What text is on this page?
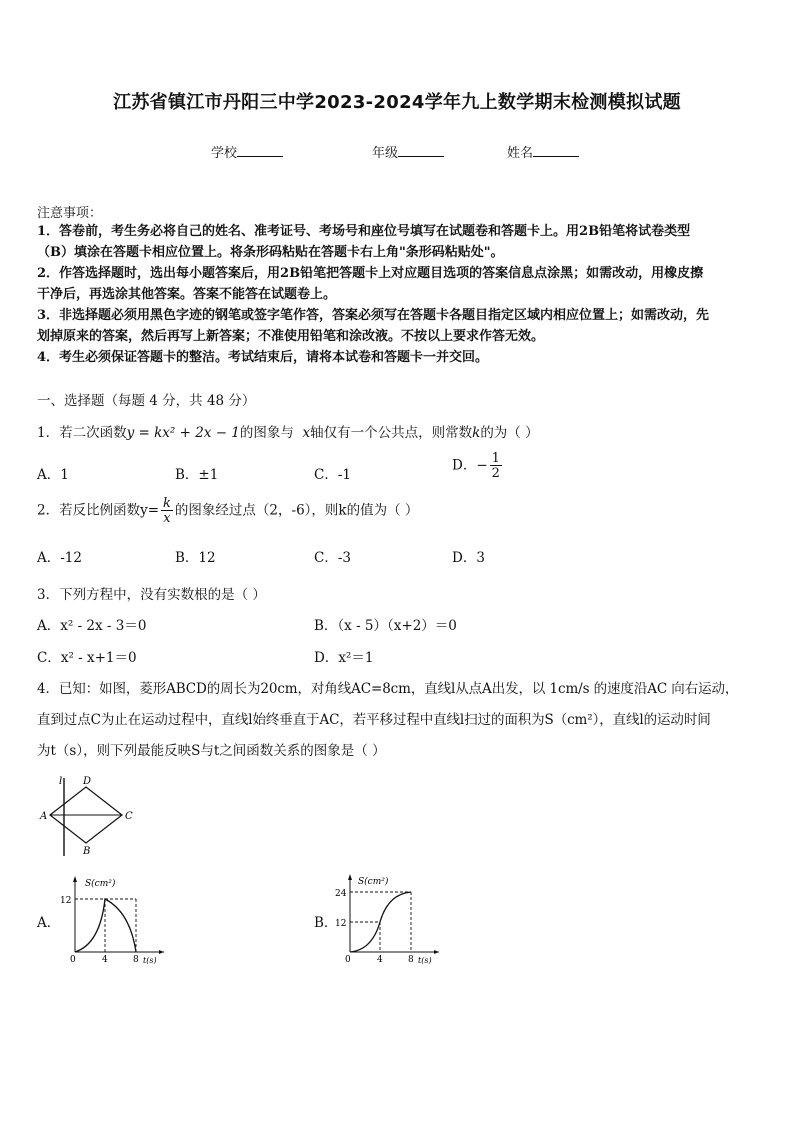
江苏省镇江市丹阳三中学2023-2024学年九上数学期末检测模拟试题
学校	年级	姓名
注意事项：
1．答卷前，考生务必将自己的姓名、准考证号、考场号和座位号填写在试题卷和答题卡上。用2B铅笔将试卷类型
（B）填涂在答题卡相应位置上。将条形码粘贴在答题卡右上角"条形码粘贴处"。
2．作答选择题时，选出每小题答案后，用2B铅笔把答题卡上对应题目选项的答案信息点涂黑；如需改动，用橡皮擦
干净后，再选涂其他答案。答案不能答在试题卷上。
3．非选择题必须用黑色字迹的钢笔或签字笔作答，答案必须写在答题卡各题目指定区域内相应位置上；如需改动，先
划掉原来的答案，然后再写上新答案；不准使用铅笔和涂改液。不按以上要求作答无效。
4．考生必须保证答题卡的整洁。考试结束后，请将本试卷和答题卡一并交回。
一、选择题（每题 4 分，共 48 分）
1．若二次函数y = kx² + 2x − 1的图象与 x轴仅有一个公共点，则常数k的为（ ）
A．1	B．±1	C．-1
D．− $\frac{1}{2}$
2．若反比例函数$y= \frac{k}{x}$ 的图象经过点（2，-6），则k的值为（ ）
A．-12	B．12	C．-3	D．3
3．下列方程中，没有实数根的是（ ）
A．x² - 2x - 3＝0	B．（x - 5）（x+2）＝0
C．x² - x+1＝0	D．x²＝1
4．已知：如图，菱形ABCD的周长为20cm，对角线AC=8cm，直线l从点A出发，以 1cm/s 的速度沿AC 向右运动，
直到过点C为止在运动过程中，直线l始终垂直于AC，若平移过程中直线l扫过的面积为S（cm²），直线l的运动时间
为t（s），则下列最能反映S与t之间函数关系的图象是（ ）
l D
A	C
B
A．
S(cm²)
12
0	4	8 t(s)
B．
S(cm²)
24
12
0	4	8 t(s)
